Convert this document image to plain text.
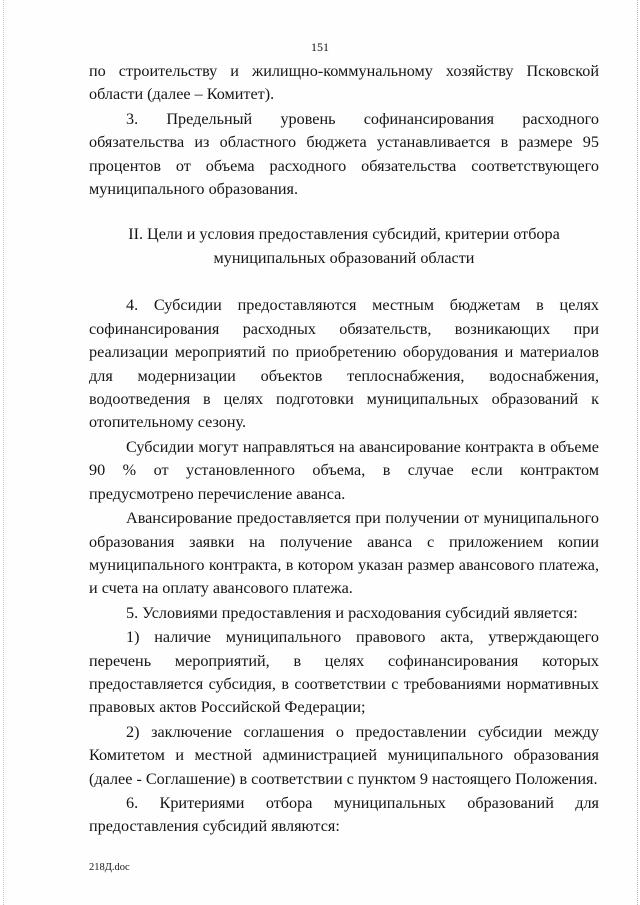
151

по строительству и жилищно-коммунальному хозяйству Псковской области (далее – Комитет).

3. Предельный уровень софинансирования расходного обязательства из областного бюджета устанавливается в размере 95 процентов от объема расходного обязательства соответствующего муниципального образования.

II. Цели и условия предоставления субсидий, критерии отбора муниципальных образований области

4. Субсидии предоставляются местным бюджетам в целях софинансирования расходных обязательств, возникающих при реализации мероприятий по приобретению оборудования и материалов для модернизации объектов теплоснабжения, водоснабжения, водоотведения в целях подготовки муниципальных образований к отопительному сезону.

Субсидии могут направляться на авансирование контракта в объеме 90 % от установленного объема, в случае если контрактом предусмотрено перечисление аванса.

Авансирование предоставляется при получении от муниципального образования заявки на получение аванса с приложением копии муниципального контракта, в котором указан размер авансового платежа, и счета на оплату авансового платежа.

5. Условиями предоставления и расходования субсидий является:

1) наличие муниципального правового акта, утверждающего перечень мероприятий, в целях софинансирования которых предоставляется субсидия, в соответствии с требованиями нормативных правовых актов Российской Федерации;

2) заключение соглашения о предоставлении субсидии между Комитетом и местной администрацией муниципального образования (далее - Соглашение) в соответствии с пунктом 9 настоящего Положения.

6. Критериями отбора муниципальных образований для предоставления субсидий являются:

218Д.doc
